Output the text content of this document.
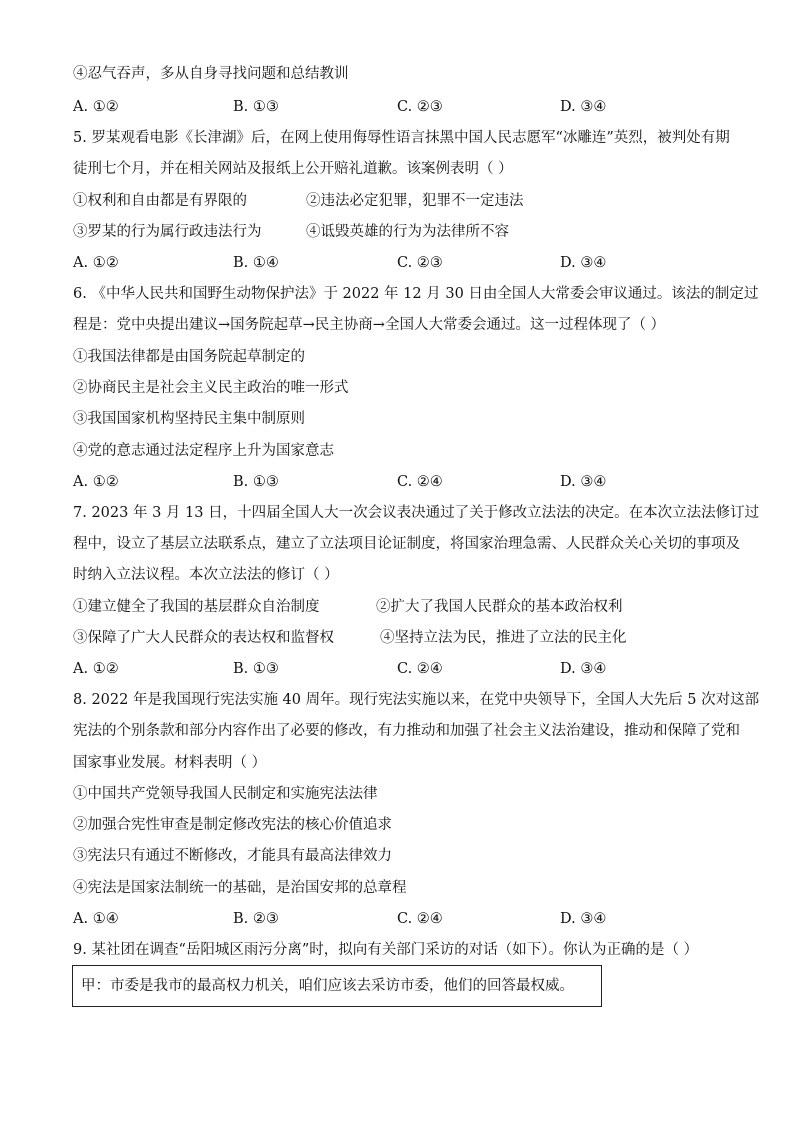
④忍气吞声，多从自身寻找问题和总结教训
A. ①②	B. ①③	C. ②③	D. ③④
5. 罗某观看电影《长津湖》后，在网上使用侮辱性语言抹黑中国人民志愿军“冰雕连”英烈，被判处有期
徒刑七个月，并在相关网站及报纸上公开赔礼道歉。该案例表明（ ）
①权利和自由都是有界限的	②违法必定犯罪，犯罪不一定违法
③罗某的行为属行政违法行为	④诋毁英雄的行为为法律所不容
A. ①②	B. ①④	C. ②③	D. ③④
6. 《中华人民共和国野生动物保护法》于 2022 年 12 月 30 日由全国人大常委会审议通过。该法的制定过
程是：党中央提出建议→国务院起草→民主协商→全国人大常委会通过。这一过程体现了（ ）
①我国法律都是由国务院起草制定的
②协商民主是社会主义民主政治的唯一形式
③我国国家机构坚持民主集中制原则
④党的意志通过法定程序上升为国家意志
A. ①②	B. ①③	C. ②④	D. ③④
7. 2023 年 3 月 13 日，十四届全国人大一次会议表决通过了关于修改立法法的决定。在本次立法法修订过
程中，设立了基层立法联系点，建立了立法项目论证制度，将国家治理急需、人民群众关心关切的事项及
时纳入立法议程。本次立法法的修订（ ）
①建立健全了我国的基层群众自治制度	②扩大了我国人民群众的基本政治权利
③保障了广大人民群众的表达权和监督权	④坚持立法为民，推进了立法的民主化
A. ①②	B. ①③	C. ②④	D. ③④
8. 2022 年是我国现行宪法实施 40 周年。现行宪法实施以来，在党中央领导下，全国人大先后 5 次对这部
宪法的个别条款和部分内容作出了必要的修改，有力推动和加强了社会主义法治建设，推动和保障了党和
国家事业发展。材料表明（ ）
①中国共产党领导我国人民制定和实施宪法法律
②加强合宪性审查是制定修改宪法的核心价值追求
③宪法只有通过不断修改，才能具有最高法律效力
④宪法是国家法制统一的基础，是治国安邦的总章程
A. ①④	B. ②③	C. ②④	D. ③④
9. 某社团在调查“岳阳城区雨污分离”时，拟向有关部门采访的对话（如下）。你认为正确的是（ ）
甲：市委是我市的最高权力机关，咱们应该去采访市委，他们的回答最权威。
